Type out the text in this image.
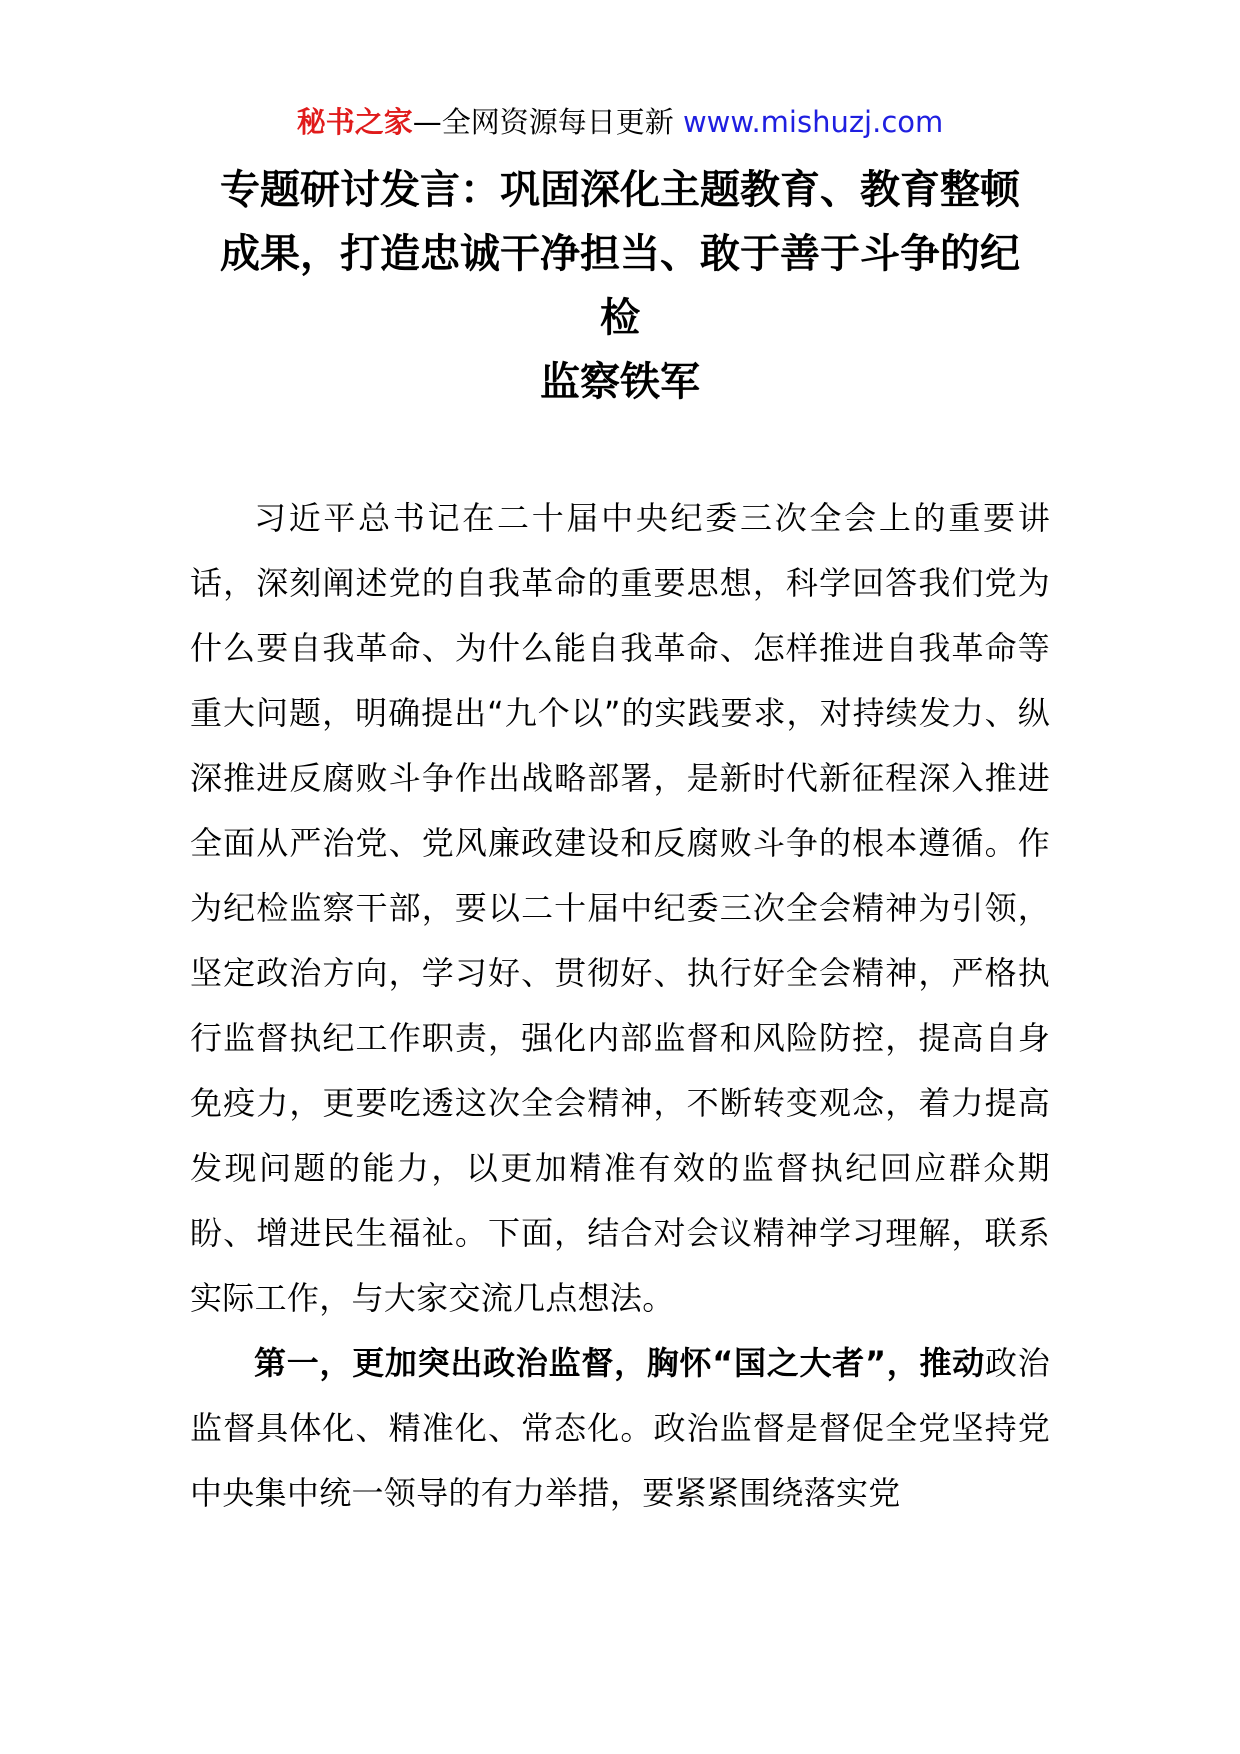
秘书之家—全网资源每日更新 www.mishuzj.com
专题研讨发言：巩固深化主题教育、教育整顿
成果，打造忠诚干净担当、敢于善于斗争的纪
检
监察铁军

习近平总书记在二十届中央纪委三次全会上的重要讲话，深刻阐述党的自我革命的重要思想，科学回答我们党为什么要自我革命、为什么能自我革命、怎样推进自我革命等重大问题，明确提出“九个以”的实践要求，对持续发力、纵深推进反腐败斗争作出战略部署，是新时代新征程深入推进全面从严治党、党风廉政建设和反腐败斗争的根本遵循。作为纪检监察干部，要以二十届中纪委三次全会精神为引领，坚定政治方向，学习好、贯彻好、执行好全会精神，严格执行监督执纪工作职责，强化内部监督和风险防控，提高自身免疫力，更要吃透这次全会精神，不断转变观念，着力提高发现问题的能力，以更加精准有效的监督执纪回应群众期盼、增进民生福祉。下面，结合对会议精神学习理解，联系实际工作，与大家交流几点想法。

第一，更加突出政治监督，胸怀“国之大者”，推动政治监督具体化、精准化、常态化。政治监督是督促全党坚持党中央集中统一领导的有力举措，要紧紧围绕落实党
